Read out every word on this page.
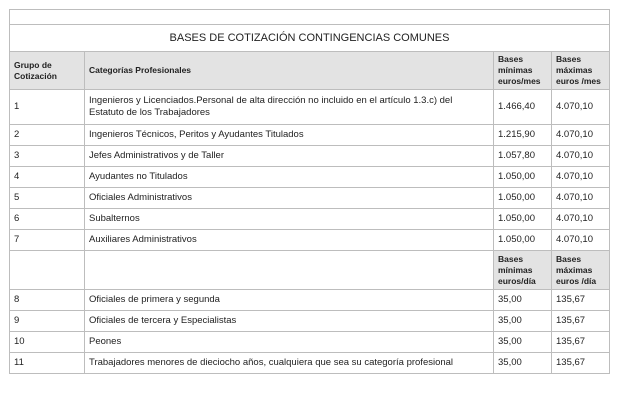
BASES DE COTIZACIÓN CONTINGENCIAS COMUNES			
Grupo de Cotización	Categorías Profesionales	Bases mínimas euros/mes	Bases máximas euros /mes
1	Ingenieros y Licenciados.Personal de alta dirección no incluido en el artículo 1.3.c) del Estatuto de los Trabajadores	1.466,40	4.070,10
2	Ingenieros Técnicos, Peritos y Ayudantes Titulados	1.215,90	4.070,10
3	Jefes Administrativos y de Taller	1.057,80	4.070,10
4	Ayudantes no Titulados	1.050,00	4.070,10
5	Oficiales Administrativos	1.050,00	4.070,10
6	Subalternos	1.050,00	4.070,10
7	Auxiliares Administrativos	1.050,00	4.070,10
		Bases mínimas euros/día	Bases máximas euros /día
8	Oficiales de primera y segunda	35,00	135,67
9	Oficiales de tercera y Especialistas	35,00	135,67
10	Peones	35,00	135,67
11	Trabajadores menores de dieciocho años, cualquiera que sea su categoría profesional	35,00	135,67
